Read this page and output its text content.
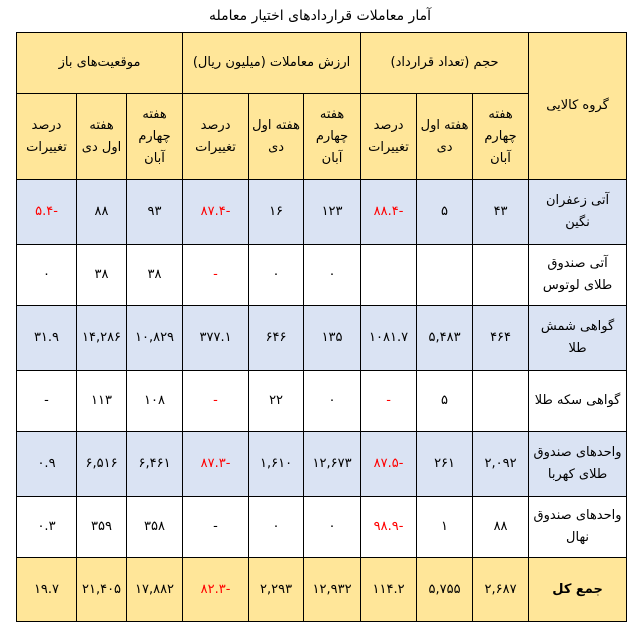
آمار معاملات قراردادهای اختیار معامله
گروه کالایی	حجم (تعداد قرارداد)			ارزش معاملات (میلیون ریال)			موقعیت‌های باز		
	هفته چهارم آبان	هفته اول دی	درصد تغییرات	هفته چهارم آبان	هفته اول دی	درصد تغییرات	هفته چهارم آبان	هفته اول دی	درصد تغییرات
آتی زعفران نگین	۴۳	۵	-۸۸.۴	۱۲۳	۱۶	-۸۷.۴	۹۳	۸۸	-۵.۴
آتی صندوق طلای لوتوس				۰	۰	-	۳۸	۳۸	۰
گواهی شمش طلا	۴۶۴	۵,۴۸۳	۱۰۸۱.۷	۱۳۵	۶۴۶	۳۷۷.۱	۱۰,۸۲۹	۱۴,۲۸۶	۳۱.۹
گواهی سکه طلا		۵	-	۰	۲۲	-	۱۰۸	۱۱۳	-
واحدهای صندوق طلای کهربا	۲,۰۹۲	۲۶۱	-۸۷.۵	۱۲,۶۷۳	۱,۶۱۰	-۸۷.۳	۶,۴۶۱	۶,۵۱۶	۰.۹
واحدهای صندوق نهال	۸۸	۱	-۹۸.۹	۰	۰	-	۳۵۸	۳۵۹	۰.۳
جمع کل	۲,۶۸۷	۵,۷۵۵	۱۱۴.۲	۱۲,۹۳۲	۲,۲۹۳	-۸۲.۳	۱۷,۸۸۲	۲۱,۴۰۵	۱۹.۷
